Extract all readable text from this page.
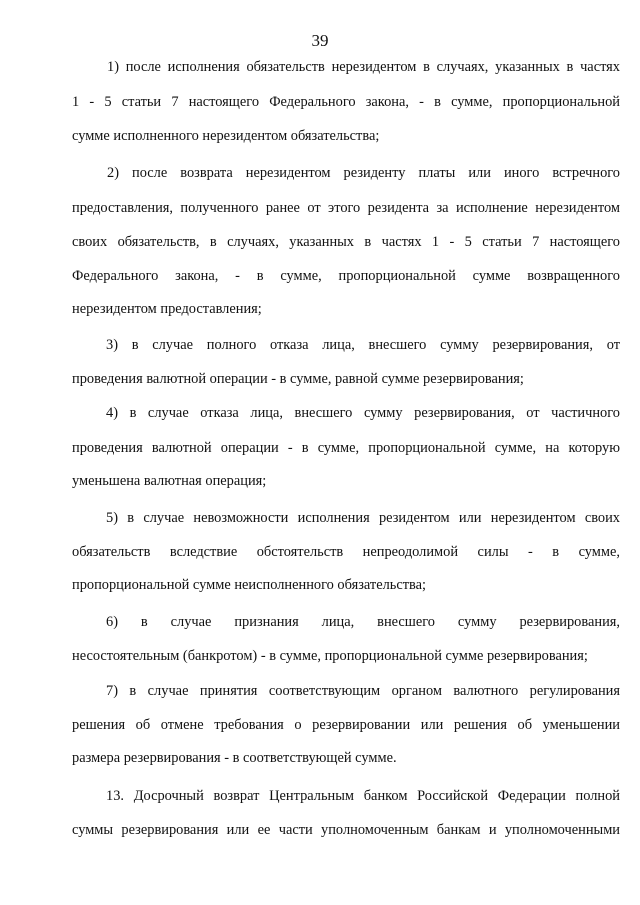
39
1) после исполнения обязательств нерезидентом в случаях, указанных в частях
1 - 5 статьи 7 настоящего Федерального закона, - в сумме, пропорциональной
сумме исполненного нерезидентом обязательства;
2) после возврата нерезидентом резиденту платы или иного встречного
предоставления, полученного ранее от этого резидента за исполнение нерезидентом
своих обязательств, в случаях, указанных в частях 1 - 5 статьи 7 настоящего
Федерального закона, - в сумме, пропорциональной сумме возвращенного
нерезидентом предоставления;
3) в случае полного отказа лица, внесшего сумму резервирования, от
проведения валютной операции - в сумме, равной сумме резервирования;
4) в случае отказа лица, внесшего сумму резервирования, от частичного
проведения валютной операции - в сумме, пропорциональной сумме, на которую
уменьшена валютная операция;
5) в случае невозможности исполнения резидентом или нерезидентом своих
обязательств вследствие обстоятельств непреодолимой силы - в сумме,
пропорциональной сумме неисполненного обязательства;
6) в случае признания лица, внесшего сумму резервирования,
несостоятельным (банкротом) - в сумме, пропорциональной сумме резервирования;
7) в случае принятия соответствующим органом валютного регулирования
решения об отмене требования о резервировании или решения об уменьшении
размера резервирования - в соответствующей сумме.
13. Досрочный возврат Центральным банком Российской Федерации полной
суммы резервирования или ее части уполномоченным банкам и уполномоченными
